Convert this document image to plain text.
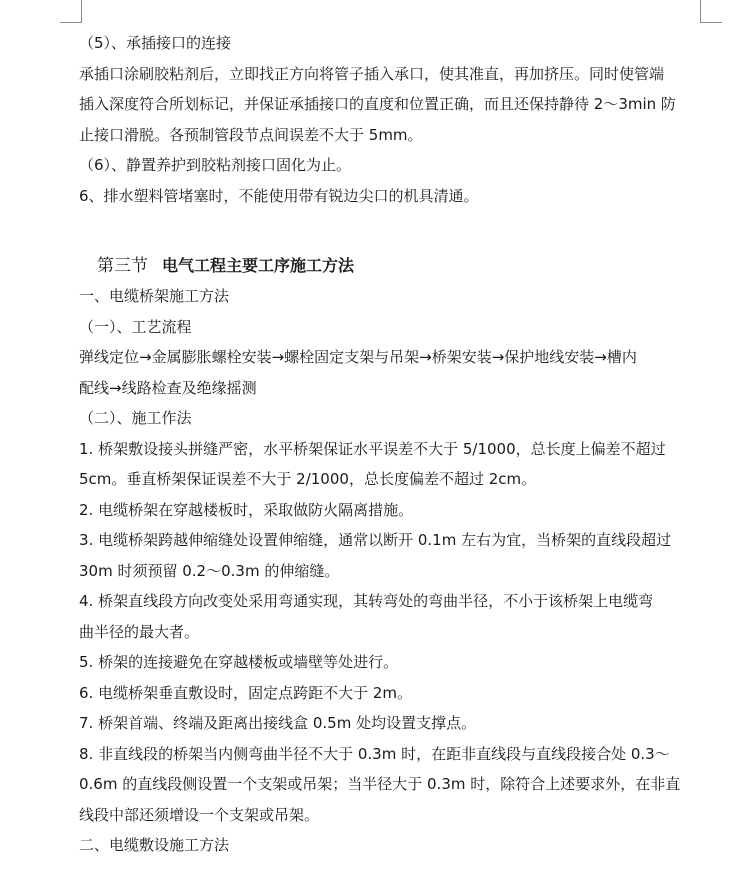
（5）、承插接口的连接

承插口涂刷胶粘剂后，立即找正方向将管子插入承口，使其准直，再加挤压。同时使管端

插入深度符合所划标记，并保证承插接口的直度和位置正确，而且还保持静待 2～3min 防

止接口滑脱。各预制管段节点间误差不大于 5mm。

（6）、静置养护到胶粘剂接口固化为止。

6、排水塑料管堵塞时，不能使用带有锐边尖口的机具清通。

第三节 电气工程主要工序施工方法

一、电缆桥架施工方法

（一）、工艺流程

弹线定位→金属膨胀螺栓安装→螺栓固定支架与吊架→桥架安装→保护地线安装→槽内

配线→线路检查及绝缘摇测

（二）、施工作法

1. 桥架敷设接头拼缝严密，水平桥架保证水平误差不大于 5/1000，总长度上偏差不超过

5cm。垂直桥架保证误差不大于 2/1000，总长度偏差不超过 2cm。

2. 电缆桥架在穿越楼板时，采取做防火隔离措施。

3. 电缆桥架跨越伸缩缝处设置伸缩缝，通常以断开 0.1m 左右为宜，当桥架的直线段超过

30m 时须预留 0.2～0.3m 的伸缩缝。

4. 桥架直线段方向改变处采用弯通实现，其转弯处的弯曲半径，不小于该桥架上电缆弯

曲半径的最大者。

5. 桥架的连接避免在穿越楼板或墙壁等处进行。

6. 电缆桥架垂直敷设时，固定点跨距不大于 2m。

7. 桥架首端、终端及距离出接线盒 0.5m 处均设置支撑点。

8. 非直线段的桥架当内侧弯曲半径不大于 0.3m 时，在距非直线段与直线段接合处 0.3～

0.6m 的直线段侧设置一个支架或吊架；当半径大于 0.3m 时，除符合上述要求外，在非直

线段中部还须增设一个支架或吊架。

二、电缆敷设施工方法
